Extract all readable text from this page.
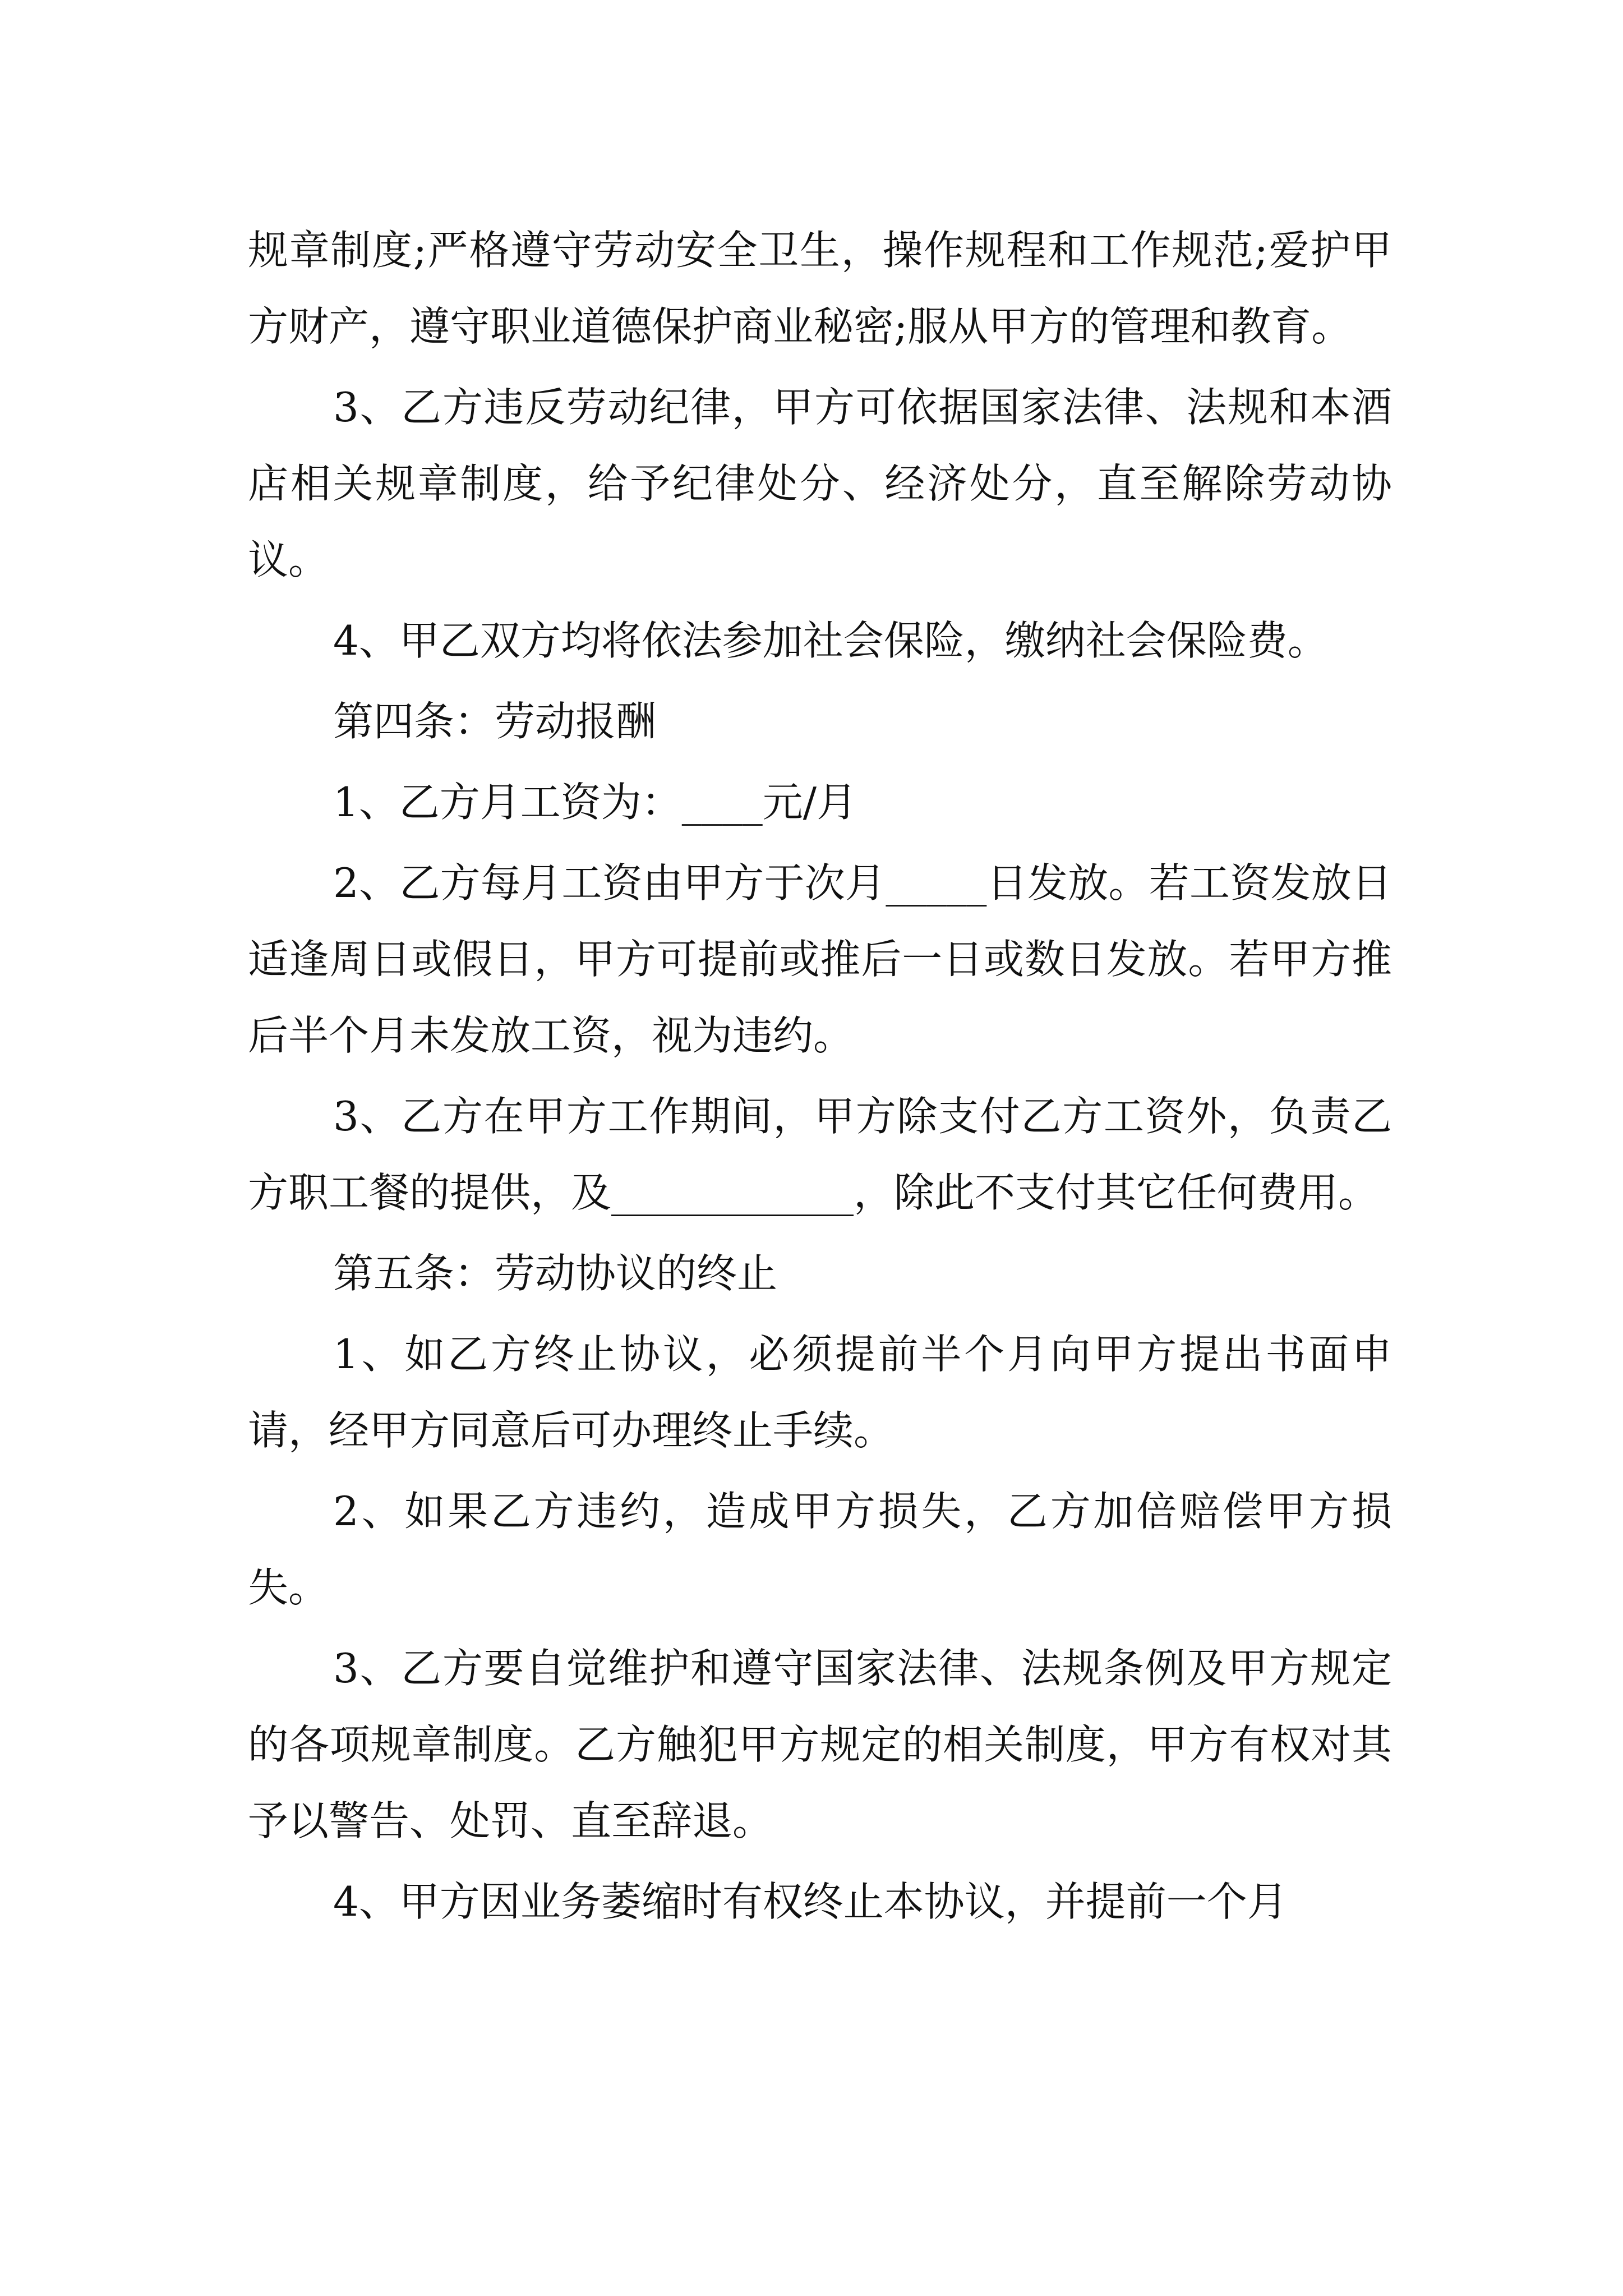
规章制度;严格遵守劳动安全卫生，操作规程和工作规范;爱护甲方财产，遵守职业道德保护商业秘密;服从甲方的管理和教育。

3、乙方违反劳动纪律，甲方可依据国家法律、法规和本酒店相关规章制度，给予纪律处分、经济处分，直至解除劳动协议。

4、甲乙双方均将依法参加社会保险，缴纳社会保险费。

第四条：劳动报酬

1、乙方月工资为：____元/月

2、乙方每月工资由甲方于次月_____日发放。若工资发放日适逢周日或假日，甲方可提前或推后一日或数日发放。若甲方推后半个月未发放工资，视为违约。

3、乙方在甲方工作期间，甲方除支付乙方工资外，负责乙方职工餐的提供，及____________，除此不支付其它任何费用。

第五条：劳动协议的终止

1、如乙方终止协议，必须提前半个月向甲方提出书面申请，经甲方同意后可办理终止手续。

2、如果乙方违约，造成甲方损失，乙方加倍赔偿甲方损失。

3、乙方要自觉维护和遵守国家法律、法规条例及甲方规定的各项规章制度。乙方触犯甲方规定的相关制度，甲方有权对其予以警告、处罚、直至辞退。

4、甲方因业务萎缩时有权终止本协议，并提前一个月
